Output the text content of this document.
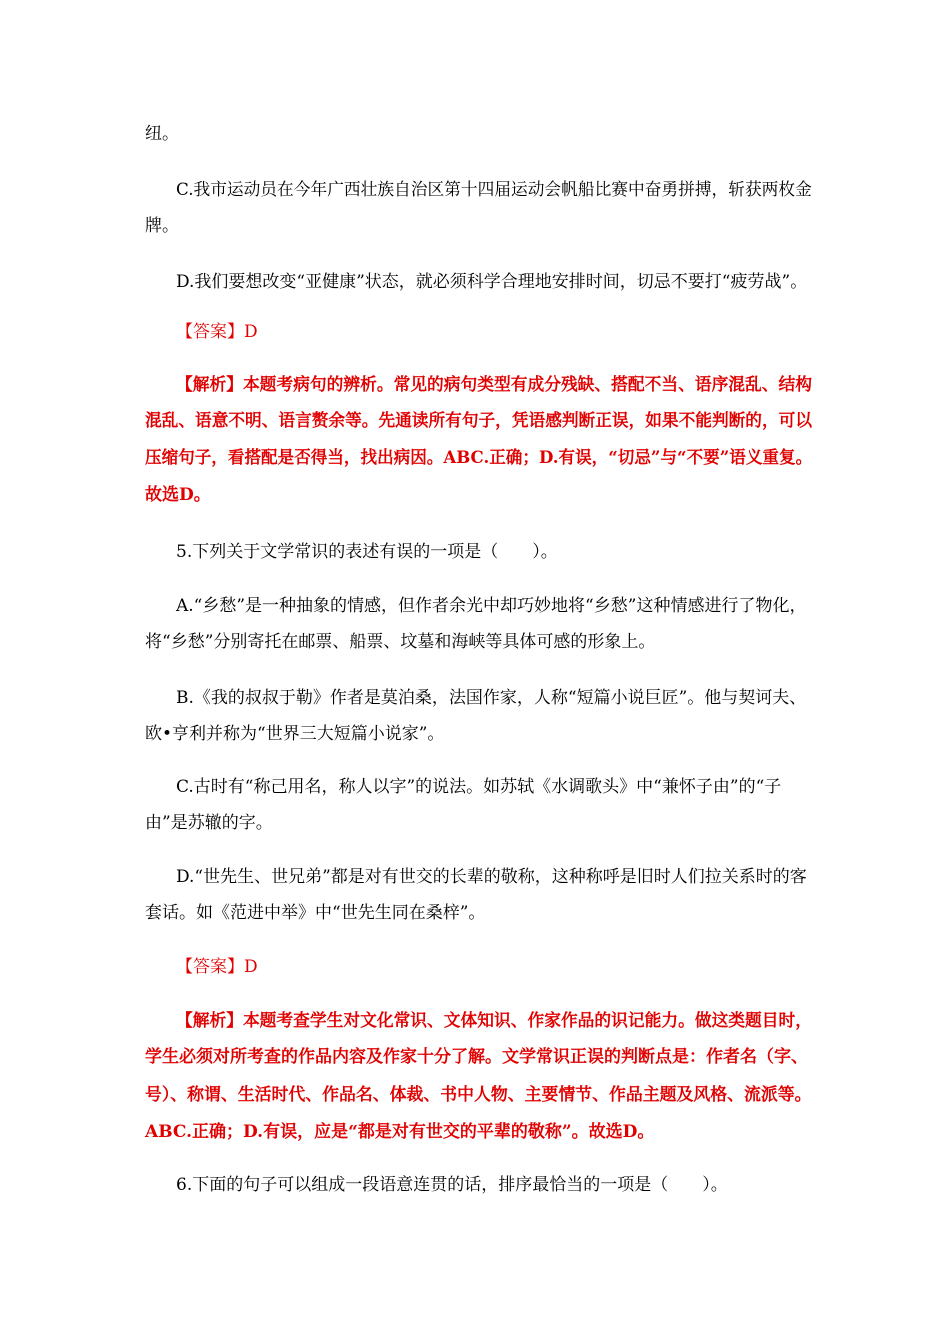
纽。
C.我市运动员在今年广西壮族自治区第十四届运动会帆船比赛中奋勇拼搏，斩获两枚金
牌。
D.我们要想改变“亚健康”状态，就必须科学合理地安排时间，切忌不要打“疲劳战”。
【答案】D
【解析】本题考病句的辨析。常见的病句类型有成分残缺、搭配不当、语序混乱、结构
混乱、语意不明、语言赘余等。先通读所有句子，凭语感判断正误，如果不能判断的，可以
压缩句子，看搭配是否得当，找出病因。ABC.正确；D.有误，“切忌”与“不要”语义重复。
故选D。
5.下列关于文学常识的表述有误的一项是（　　）。
A.“乡愁”是一种抽象的情感，但作者余光中却巧妙地将“乡愁”这种情感进行了物化，
将“乡愁”分别寄托在邮票、船票、坟墓和海峡等具体可感的形象上。
B.《我的叔叔于勒》作者是莫泊桑，法国作家，人称“短篇小说巨匠”。他与契诃夫、
欧•亨利并称为“世界三大短篇小说家”。
C.古时有“称己用名，称人以字”的说法。如苏轼《水调歌头》中“兼怀子由”的“子
由”是苏辙的字。
D.“世先生、世兄弟”都是对有世交的长辈的敬称，这种称呼是旧时人们拉关系时的客
套话。如《范进中举》中“世先生同在桑梓”。
【答案】D
【解析】本题考查学生对文化常识、文体知识、作家作品的识记能力。做这类题目时，
学生必须对所考查的作品内容及作家十分了解。文学常识正误的判断点是：作者名（字、
号）、称谓、生活时代、作品名、体裁、书中人物、主要情节、作品主题及风格、流派等。
ABC.正确；D.有误，应是“都是对有世交的平辈的敬称”。故选D。
6.下面的句子可以组成一段语意连贯的话，排序最恰当的一项是（　　）。
